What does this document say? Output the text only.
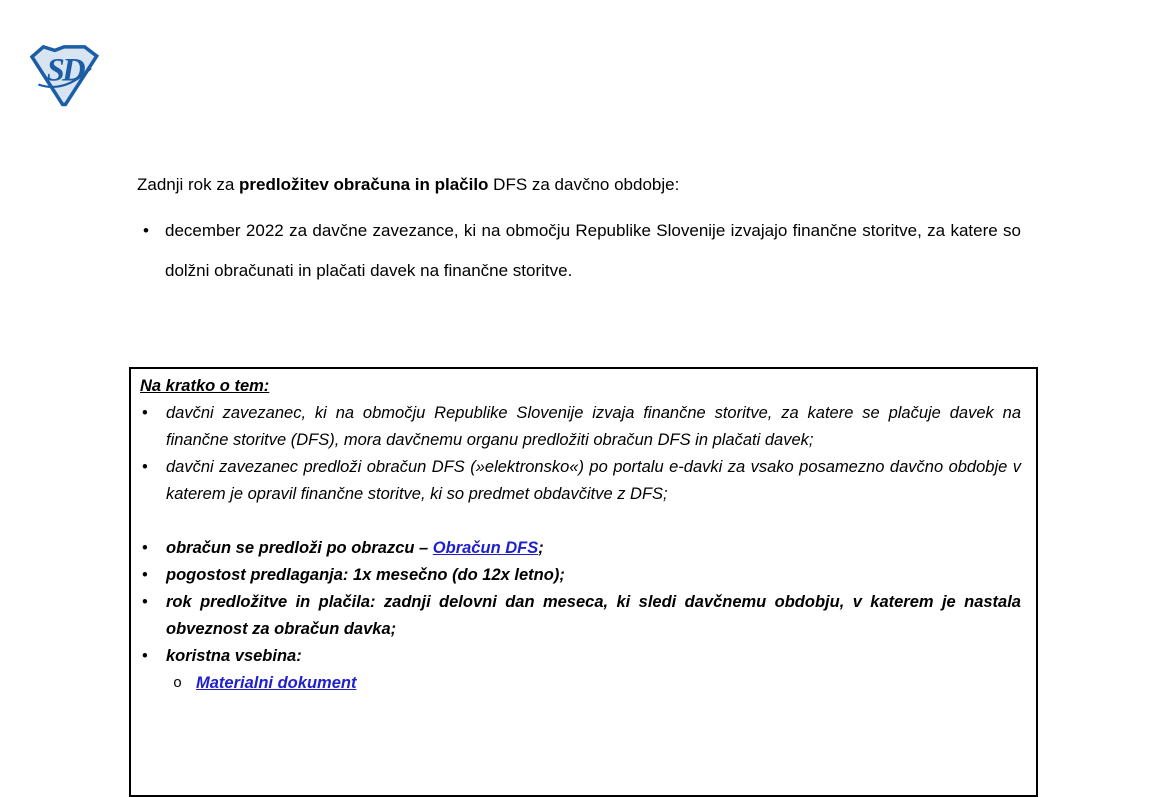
SD

Zadnji rok za predložitev obračuna in plačilo DFS za davčno obdobje:

• december 2022 za davčne zavezance, ki na območju Republike Slovenije izvajajo finančne storitve, za katere so dolžni obračunati in plačati davek na finančne storitve.
Na kratko o tem:
• davčni zavezanec, ki na območju Republike Slovenije izvaja finančne storitve, za katere se plačuje davek na finančne storitve (DFS), mora davčnemu organu predložiti obračun DFS in plačati davek;
• davčni zavezanec predloži obračun DFS (»elektronsko«) po portalu e-davki za vsako posamezno davčno obdobje v katerem je opravil finančne storitve, ki so predmet obdavčitve z DFS;
• obračun se predloži po obrazcu – Obračun DFS;
• pogostost predlaganja: 1x mesečno (do 12x letno);
• rok predložitve in plačila: zadnji delovni dan meseca, ki sledi davčnemu obdobju, v katerem je nastala obveznost za obračun davka;
• koristna vsebina:
o Materialni dokument
